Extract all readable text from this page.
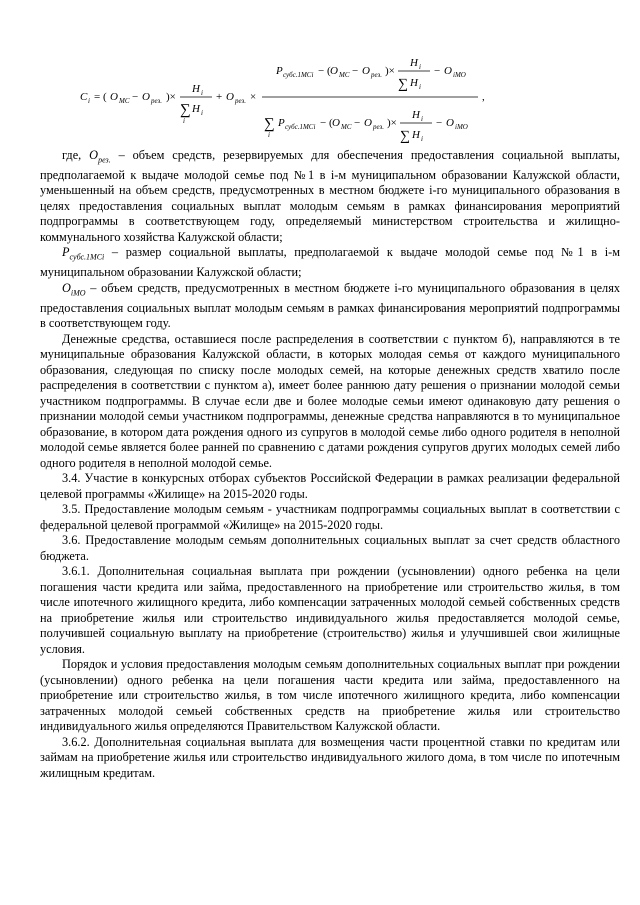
C i = ( O МС − O рез. )×
H i
∑ H i
i
+ O рез. ×
P субс.1МСi − ( O МС − O рез. )×
H i
∑ H i
− O iМО
∑ P субс.1МСi − ( O МС − O рез. )×
i
H i
∑ H i
− O iМО
,

где, $O_{рез.}$ – объем средств, резервируемых для обеспечения предоставления социальной выплаты, предполагаемой к выдаче молодой семье под №1 в i-м муниципальном образовании Калужской области, уменьшенный на объем средств, предусмотренных в местном бюджете i-го муниципального образования в целях предоставления социальных выплат молодым семьям в рамках финансирования мероприятий подпрограммы в соответствующем году, определяемый министерством строительства и жилищно-коммунального хозяйства Калужской области;

$P_{субс.1МСi}$ – размер социальной выплаты, предполагаемой к выдаче молодой семье под №1 в i-м муниципальном образовании Калужской области;

$O_{iМО}$ – объем средств, предусмотренных в местном бюджете i-го муниципального образования в целях предоставления социальных выплат молодым семьям в рамках финансирования мероприятий подпрограммы в соответствующем году.

Денежные средства, оставшиеся после распределения в соответствии с пунктом б), направляются в те муниципальные образования Калужской области, в которых молодая семья от каждого муниципального образования, следующая по списку после молодых семей, на которые денежных средств хватило после распределения в соответствии с пунктом а), имеет более раннюю дату решения о признании молодой семьи участником подпрограммы. В случае если две и более молодые семьи имеют одинаковую дату решения о признании молодой семьи участником подпрограммы, денежные средства направляются в то муниципальное образование, в котором дата рождения одного из супругов в молодой семье либо одного родителя в неполной молодой семье является более ранней по сравнению с датами рождения супругов других молодых семей либо одного родителя в неполной молодой семье.

3.4. Участие в конкурсных отборах субъектов Российской Федерации в рамках реализации федеральной целевой программы «Жилище» на 2015-2020 годы.

3.5. Предоставление молодым семьям - участникам подпрограммы социальных выплат в соответствии с федеральной целевой программой «Жилище» на 2015-2020 годы.

3.6. Предоставление молодым семьям дополнительных социальных выплат за счет средств областного бюджета.

3.6.1. Дополнительная социальная выплата при рождении (усыновлении) одного ребенка на цели погашения части кредита или займа, предоставленного на приобретение или строительство жилья, в том числе ипотечного жилищного кредита, либо компенсации затраченных молодой семьей собственных средств на приобретение жилья или строительство индивидуального жилья предоставляется молодой семье, получившей социальную выплату на приобретение (строительство) жилья и улучшившей свои жилищные условия.

Порядок и условия предоставления молодым семьям дополнительных социальных выплат при рождении (усыновлении) одного ребенка на цели погашения части кредита или займа, предоставленного на приобретение или строительство жилья, в том числе ипотечного жилищного кредита, либо компенсации затраченных молодой семьей собственных средств на приобретение жилья или строительство индивидуального жилья определяются Правительством Калужской области.

3.6.2. Дополнительная социальная выплата для возмещения части процентной ставки по кредитам или займам на приобретение жилья или строительство индивидуального жилого дома, в том числе по ипотечным жилищным кредитам.
